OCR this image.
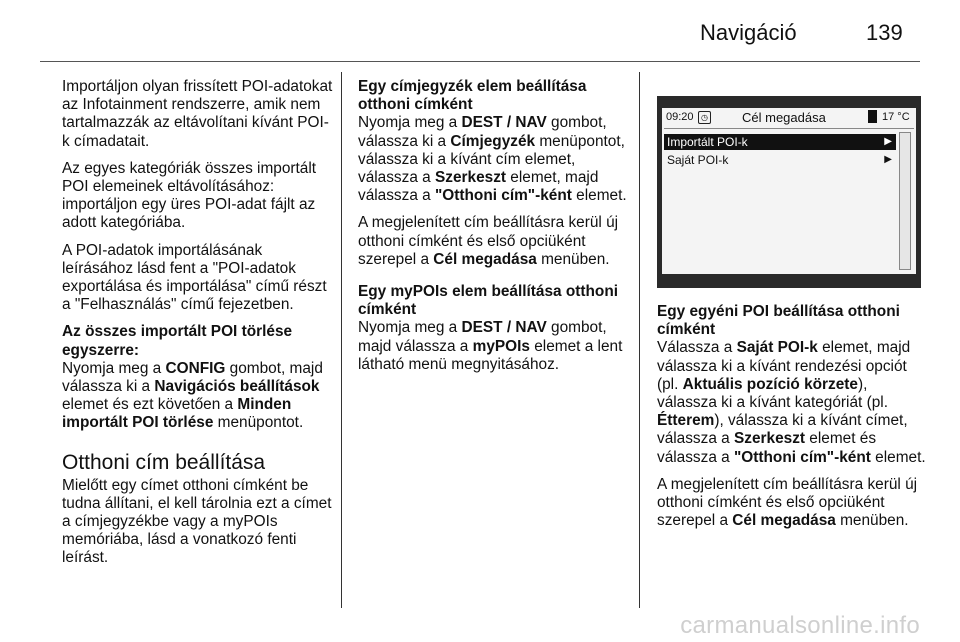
Navigáció	139

Importáljon olyan frissített POI-adatokat az Infotainment rendszerre, amik nem tartalmazzák az eltávolítani kívánt POI-k címadatait.

Az egyes kategóriák összes importált POI elemeinek eltávolításához: importáljon egy üres POI-adat fájlt az adott kategóriába.

A POI-adatok importálásának leírásához lásd fent a "POI-adatok exportálása és importálása" című részt a "Felhasználás" című fejezetben.

Az összes importált POI törlése egyszerre:

Nyomja meg a CONFIG gombot, majd válassza ki a Navigációs beállítások elemet és ezt követően a Minden importált POI törlése menüpontot.

Otthoni cím beállítása

Mielőtt egy címet otthoni címként be tudna állítani, el kell tárolnia ezt a címet a címjegyzékbe vagy a myPOIs memóriába, lásd a vonatkozó fenti leírást.

Egy címjegyzék elem beállítása otthoni címként

Nyomja meg a DEST / NAV gombot, válassza ki a Címjegyzék menüpontot, válassza ki a kívánt cím elemet, válassza a Szerkeszt elemet, majd válassza a "Otthoni cím"-ként elemet.

A megjelenített cím beállításra kerül új otthoni címként és első opciüként szerepel a Cél megadása menüben.

Egy myPOIs elem beállítása otthoni címként

Nyomja meg a DEST / NAV gombot, majd válassza a myPOIs elemet a lent látható menü megnyitásához.

09:20 ◷	Cél megadása	17 °C
Importált POI-k	▶
Saját POI-k	▶

Egy egyéni POI beállítása otthoni címként

Válassza a Saját POI-k elemet, majd válassza ki a kívánt rendezési opciót (pl. Aktuális pozíció körzete), válassza ki a kívánt kategóriát (pl. Étterem), válassza ki a kívánt címet, válassza a Szerkeszt elemet és válassza a "Otthoni cím"-ként elemet.

A megjelenített cím beállításra kerül új otthoni címként és első opciüként szerepel a Cél megadása menüben.

carmanualsonline.info
